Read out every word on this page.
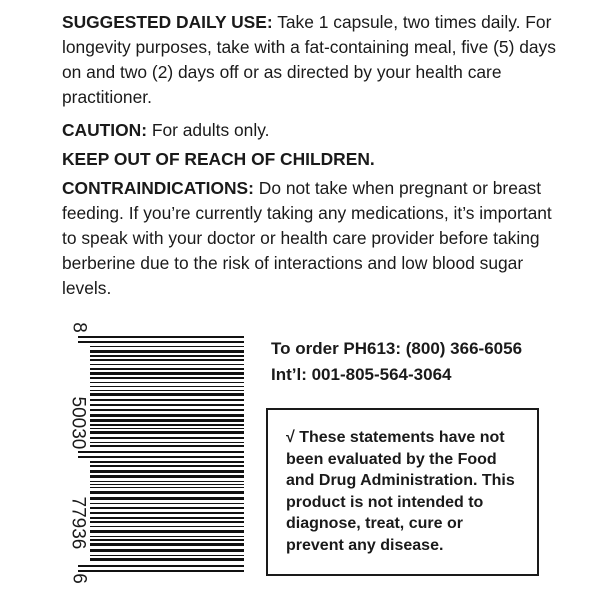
SUGGESTED DAILY USE: Take 1 capsule, two times daily. For longevity purposes, take with a fat-containing meal, five (5) days on and two (2) days off or as directed by your health care practitioner.

CAUTION: For adults only.

KEEP OUT OF REACH OF CHILDREN.

CONTRAINDICATIONS: Do not take when pregnant or breast feeding. If you’re currently taking any medications, it’s important to speak with your doctor or health care provider before taking berberine due to the risk of interactions and low blood sugar levels.

8
50030
77936
6
To order PH613: (800) 366-6056
Int’l: 001-805-564-3064
√ These statements have not been evaluated by the Food and Drug Administration. This product is not intended to diagnose, treat, cure or prevent any disease.
